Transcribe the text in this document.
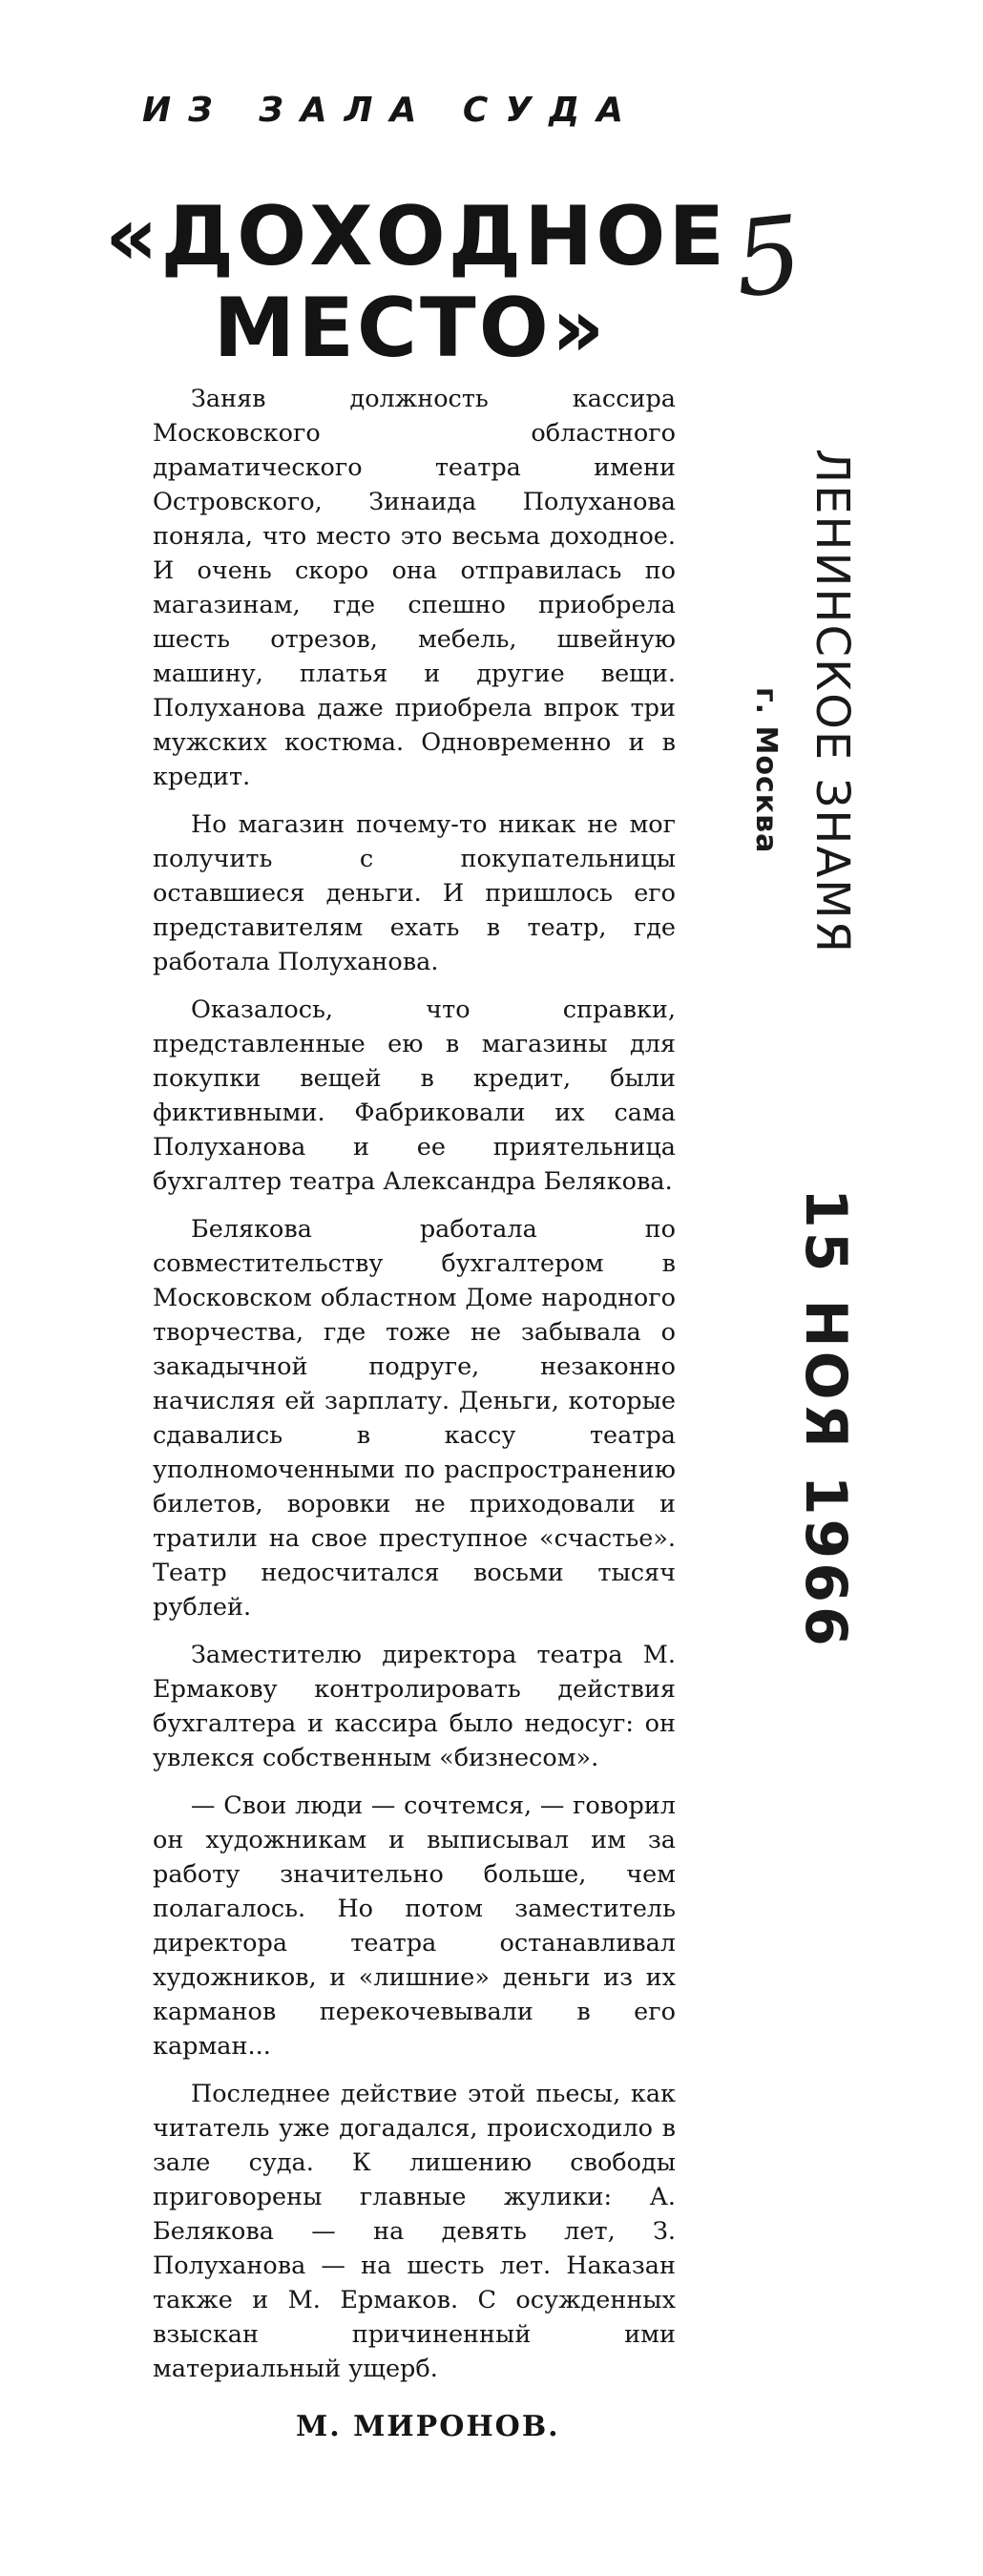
ИЗ ЗАЛА СУДА
«ДОХОДНОЕ
МЕСТО»

Заняв должность кассира Московского областного драматического театра имени Островского, Зинаида Полуханова поняла, что место это весьма доходное. И очень скоро она отправилась по магазинам, где спешно приобрела шесть отрезов, мебель, швейную машину, платья и другие вещи. Полуханова даже приобрела впрок три мужских костюма. Одновременно и в кредит.

Но магазин почему-то никак не мог получить с покупательницы оставшиеся деньги. И пришлось его представителям ехать в театр, где работала Полуханова.

Оказалось, что справки, представленные ею в магазины для покупки вещей в кредит, были фиктивными. Фабриковали их сама Полуханова и ее приятельница бухгалтер театра Александра Белякова.

Белякова работала по совместительству бухгалтером в Московском областном Доме народного творчества, где тоже не забывала о закадычной подруге, незаконно начисляя ей зарплату. Деньги, которые сдавались в кассу театра уполномоченными по распространению билетов, воровки не приходовали и тратили на свое преступное «счастье». Театр недосчитался восьми тысяч рублей.

Заместителю директора театра М. Ермакову контролировать действия бухгалтера и кассира было недосуг: он увлекся собственным «бизнесом».

— Свои люди — сочтемся, — говорил он художникам и выписывал им за работу значительно больше, чем полагалось. Но потом заместитель директора театра останавливал художников, и «лишние» деньги из их карманов перекочевывали в его карман...

Последнее действие этой пьесы, как читатель уже догадался, происходило в зале суда. К лишению свободы приговорены главные жулики: А. Белякова — на девять лет, З. Полуханова — на шесть лет. Наказан также и М. Ермаков. С осужденных взыскан причиненный ими материальный ущерб.

5
М. МИРОНОВ.
ЛЕНИНСКОЕ ЗНАМЯ
г. Москва
15 НОЯ 1966
